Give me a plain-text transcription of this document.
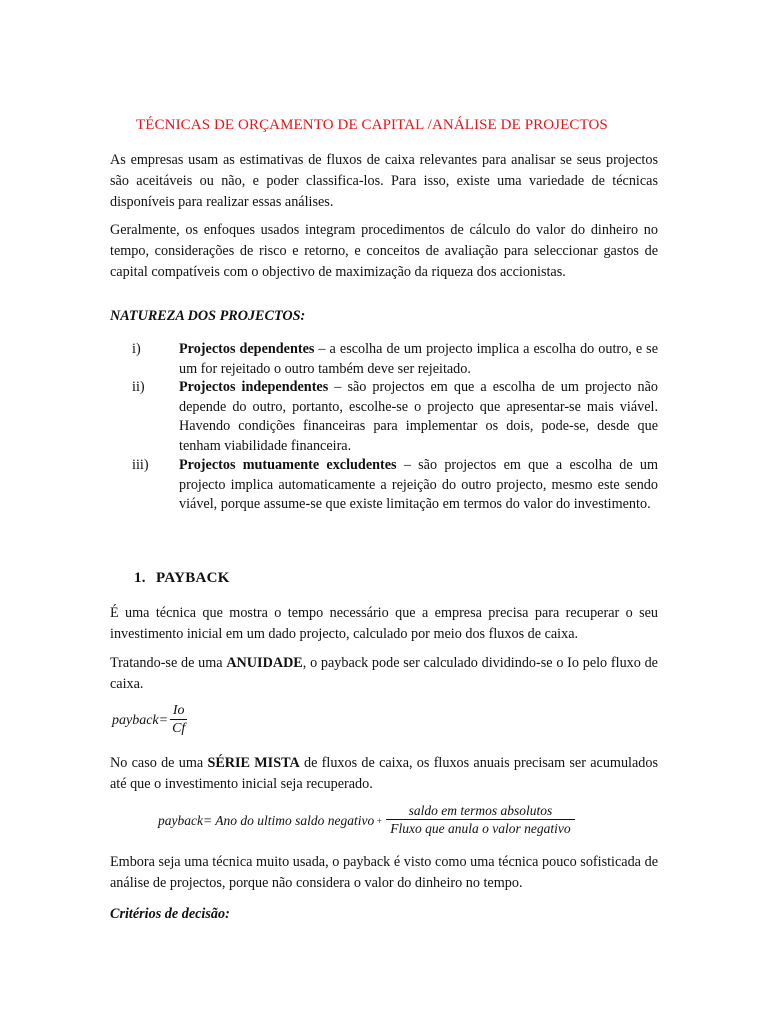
TÉCNICAS DE ORÇAMENTO DE CAPITAL /ANÁLISE DE PROJECTOS
As empresas usam as estimativas de fluxos de caixa relevantes para analisar se seus projectos são aceitáveis ou não, e poder classifica-los. Para isso, existe uma variedade de técnicas disponíveis para realizar essas análises.
Geralmente, os enfoques usados integram procedimentos de cálculo do valor do dinheiro no tempo, considerações de risco e retorno, e conceitos de avaliação para seleccionar gastos de capital compatíveis com o objectivo de maximização da riqueza dos accionistas.
NATUREZA DOS PROJECTOS:
i)	Projectos dependentes – a escolha de um projecto implica a escolha do outro, e se um for rejeitado o outro também deve ser rejeitado.
ii) Projectos independentes – são projectos em que a escolha de um projecto não depende do outro, portanto, escolhe-se o projecto que apresentar-se mais viável. Havendo condições financeiras para implementar os dois, pode-se, desde que tenham viabilidade financeira.
iii) Projectos mutuamente excludentes – são projectos em que a escolha de um projecto implica automaticamente a rejeição do outro projecto, mesmo este sendo viável, porque assume-se que existe limitação em termos do valor do investimento.
1. PAYBACK
É uma técnica que mostra o tempo necessário que a empresa precisa para recuperar o seu investimento inicial em um dado projecto, calculado por meio dos fluxos de caixa.
Tratando-se de uma ANUIDADE, o payback pode ser calculado dividindo-se o Io pelo fluxo de caixa.
payback= $\frac{Io}{Cf}$
No caso de uma SÉRIE MISTA de fluxos de caixa, os fluxos anuais precisam ser acumulados até que o investimento inicial seja recuperado.
payback= Ano do ultimo saldo negativo + $\frac{\text{saldo em termos absolutos}}{\text{Fluxo que anula o valor negativo}}$
Embora seja uma técnica muito usada, o payback é visto como uma técnica pouco sofisticada de análise de projectos, porque não considera o valor do dinheiro no tempo.
Critérios de decisão:
